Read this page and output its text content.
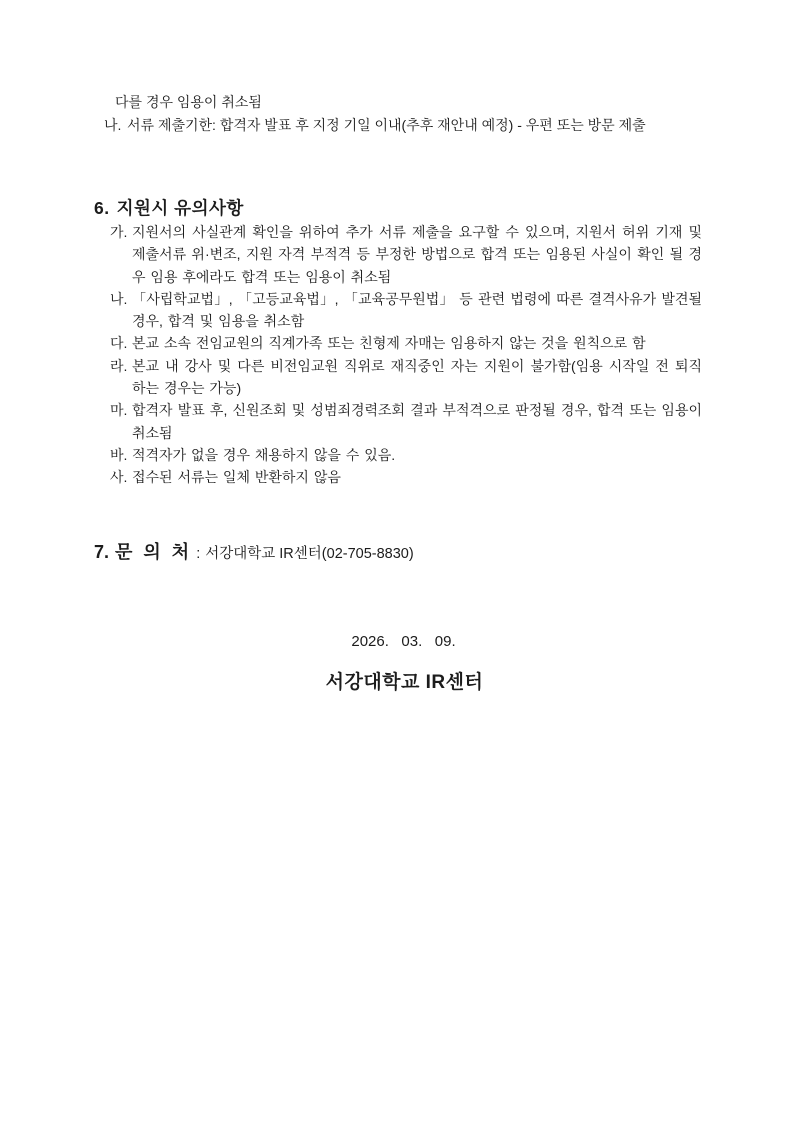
다를 경우 임용이 취소됨
나. 서류 제출기한: 합격자 발표 후 지정 기일 이내(추후 재안내 예정) - 우편 또는 방문 제출
6. 지원시 유의사항
가. 지원서의 사실관계 확인을 위하여 추가 서류 제출을 요구할 수 있으며, 지원서 허위 기재 및 제출서류 위·변조, 지원 자격 부적격 등 부정한 방법으로 합격 또는 임용된 사실이 확인 될 경우 임용 후에라도 합격 또는 임용이 취소됨
나. 「사립학교법」, 「고등교육법」, 「교육공무원법」 등 관련 법령에 따른 결격사유가 발견될 경우, 합격 및 임용을 취소함
다. 본교 소속 전임교원의 직계가족 또는 친형제 자매는 임용하지 않는 것을 원칙으로 함
라. 본교 내 강사 및 다른 비전임교원 직위로 재직중인 자는 지원이 불가함(임용 시작일 전 퇴직 하는 경우는 가능)
마. 합격자 발표 후, 신원조회 및 성범죄경력조회 결과 부적격으로 판정될 경우, 합격 또는 임용이 취소됨
바. 적격자가 없을 경우 채용하지 않을 수 있음.
사. 접수된 서류는 일체 반환하지 않음
7. 문 의 처 : 서강대학교 IR센터(02-705-8830)
2026.   03.   09.
서강대학교 IR센터
